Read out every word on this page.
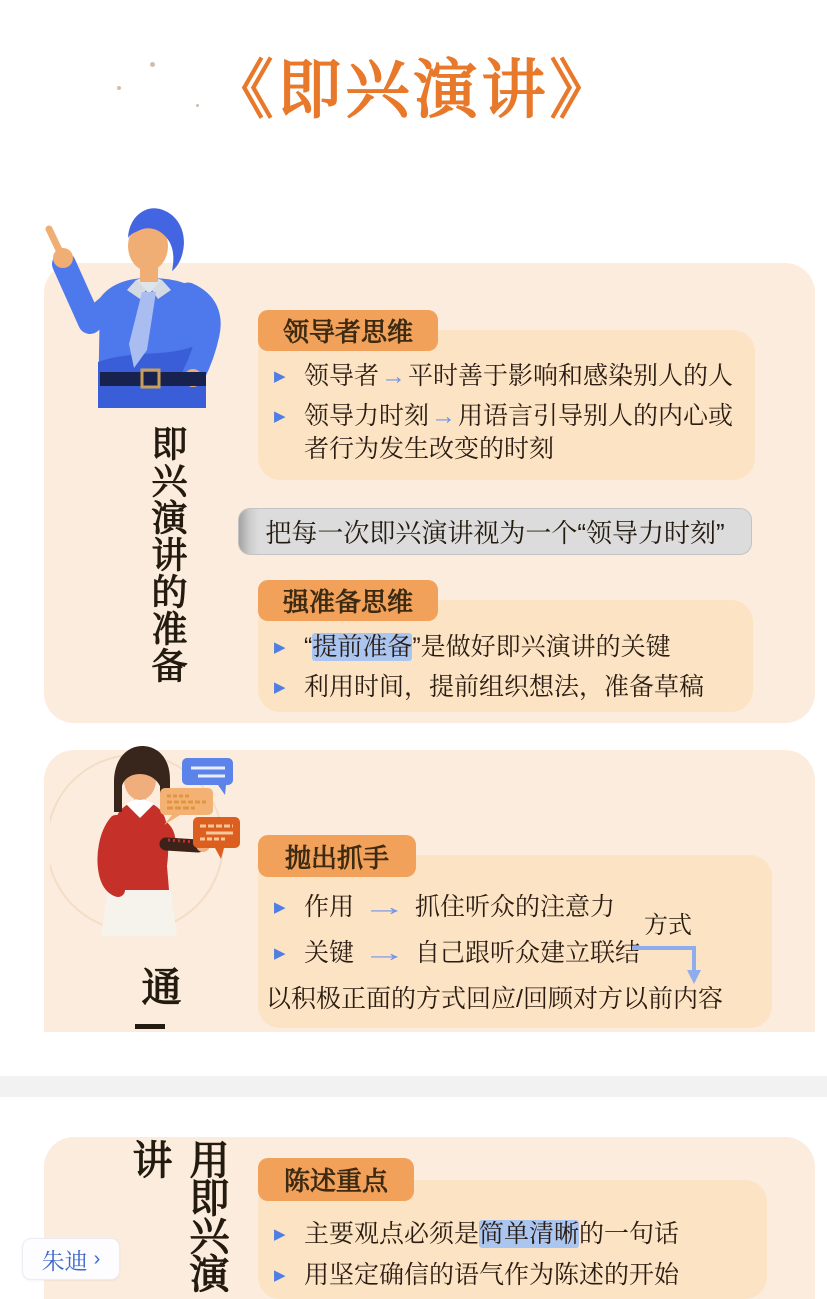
《即兴演讲》
即兴演讲的准备
领导者思维
▶ 领导者→平时善于影响和感染别人的人
▶ 领导力时刻→用语言引导别人的内心或者行为发生改变的时刻
把每一次即兴演讲视为一个“领导力时刻”
强准备思维
▶ “提前准备”是做好即兴演讲的关键
▶ 利用时间，提前组织想法，准备草稿
通
抛出抓手
▶ 作用 → 抓住听众的注意力
▶ 关键 → 自己跟听众建立联结
以积极正面的方式回应/回顾对方以前内容
方式
用即兴演讲
陈述重点
▶ 主要观点必须是简单清晰的一句话
▶ 用坚定确信的语气作为陈述的开始
朱迪 ›
